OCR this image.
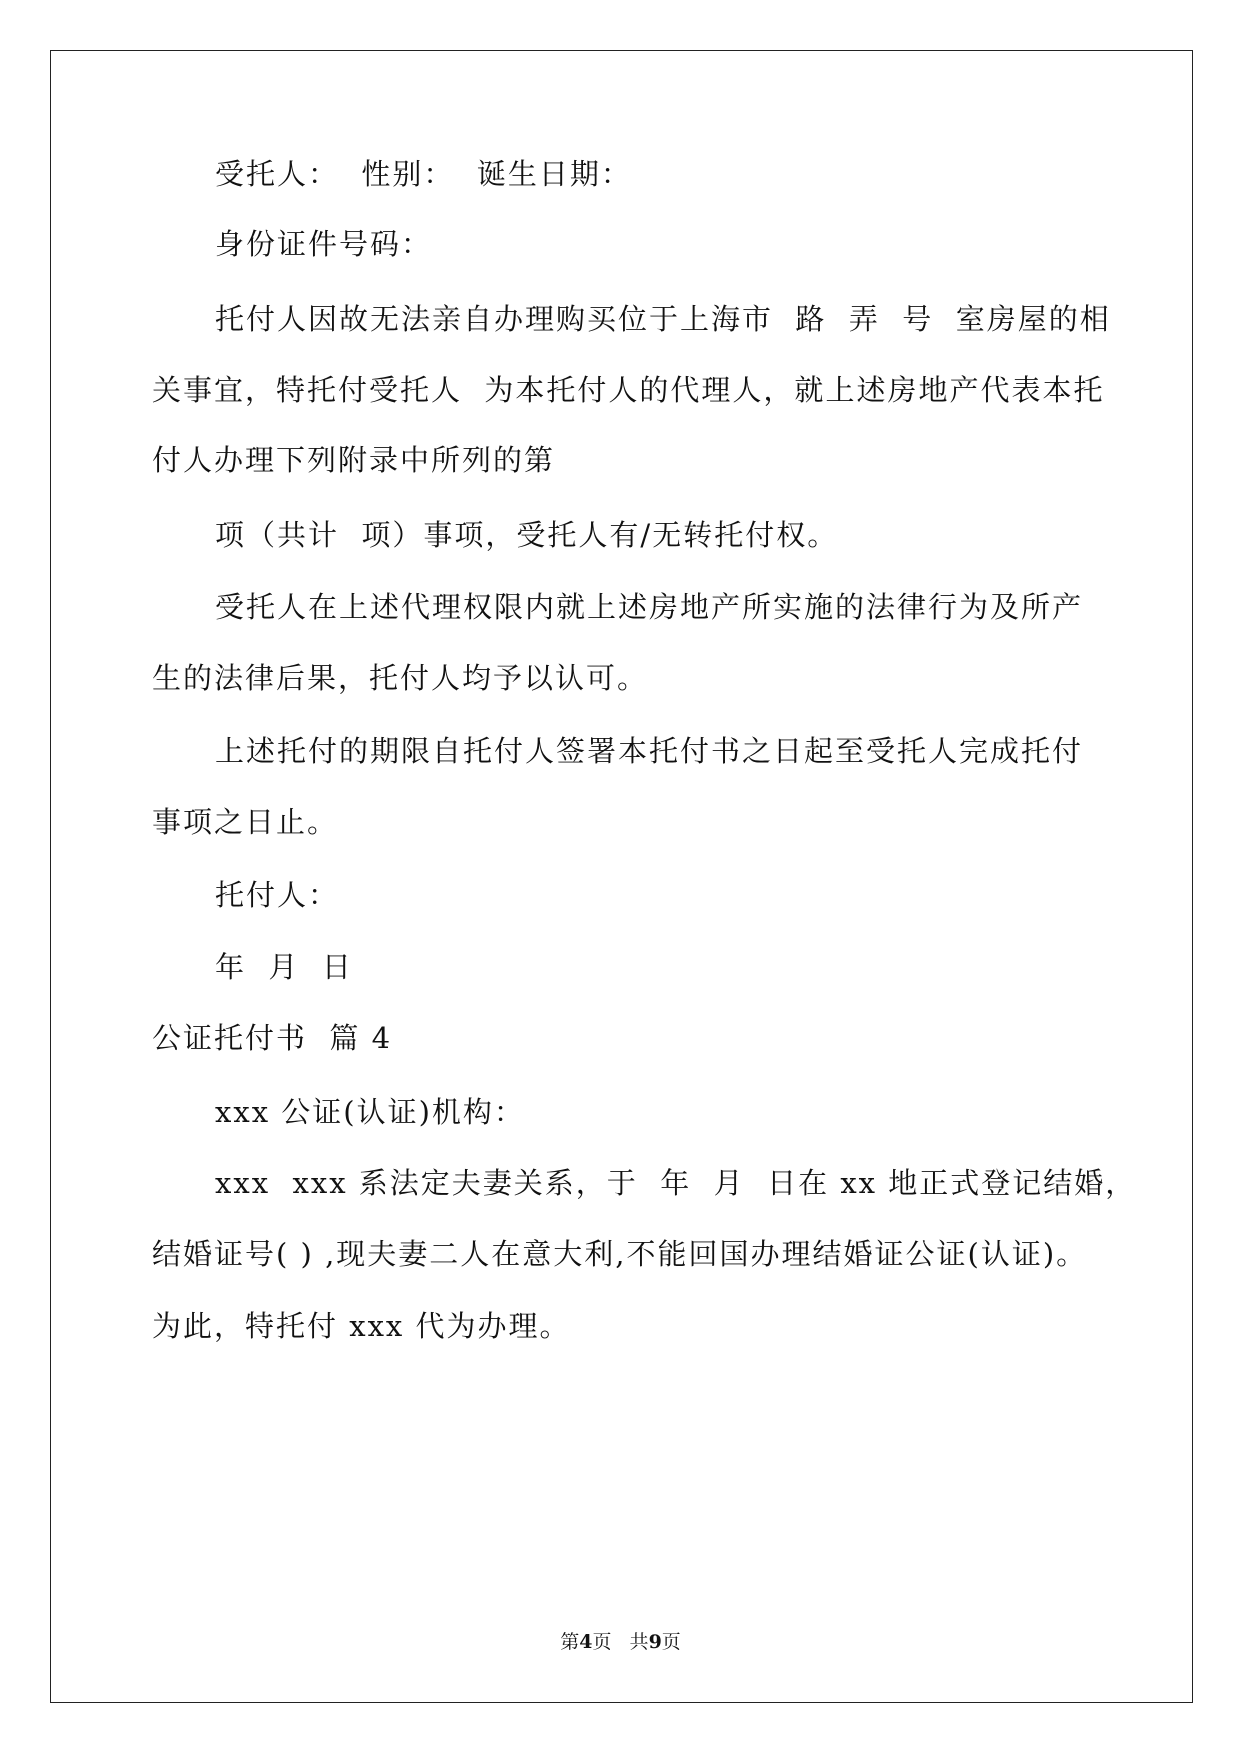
受托人：  性别：  诞生日期：
身份证件号码：
托付人因故无法亲自办理购买位于上海市  路  弄  号  室房屋的相
关事宜，特托付受托人  为本托付人的代理人，就上述房地产代表本托
付人办理下列附录中所列的第
项（共计  项）事项，受托人有/无转托付权。
受托人在上述代理权限内就上述房地产所实施的法律行为及所产
生的法律后果，托付人均予以认可。
上述托付的期限自托付人签署本托付书之日起至受托人完成托付
事项之日止。
托付人：
年  月  日
公证托付书  篇 4
xxx 公证(认证)机构：
xxx  xxx 系法定夫妻关系，于  年  月  日在 xx 地正式登记结婚，
结婚证号( ) ,现夫妻二人在意大利,不能回国办理结婚证公证(认证)。
为此，特托付 xxx 代为办理。
第4页   共9页
